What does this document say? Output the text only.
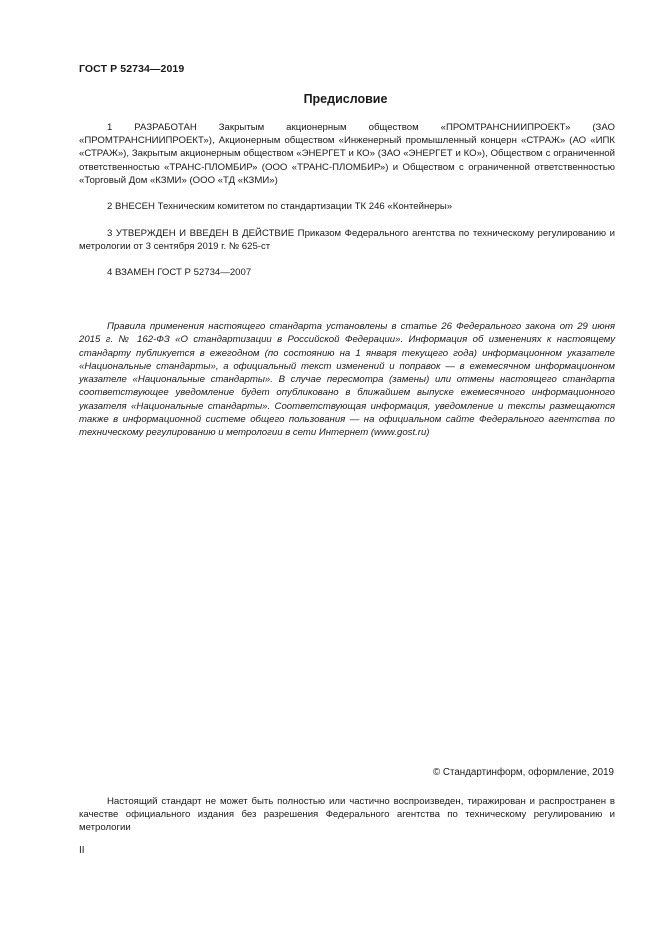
ГОСТ Р 52734—2019
Предисловие

1 РАЗРАБОТАН Закрытым акционерным обществом «ПРОМТРАНСНИИПРОЕКТ» (ЗАО «ПРОМТРАНСНИИПРОЕКТ»), Акционерным обществом «Инженерный промышленный концерн «СТРАЖ» (АО «ИПК «СТРАЖ»), Закрытым акционерным обществом «ЭНЕРГЕТ и КО» (ЗАО «ЭНЕРГЕТ и КО»), Обществом с ограниченной ответственностью «ТРАНС-ПЛОМБИР» (ООО «ТРАНС-ПЛОМБИР») и Обществом с ограниченной ответственностью «Торговый Дом «КЗМИ» (ООО «ТД «КЗМИ»)

2 ВНЕСЕН Техническим комитетом по стандартизации ТК 246 «Контейнеры»

3 УТВЕРЖДЕН И ВВЕДЕН В ДЕЙСТВИЕ Приказом Федерального агентства по техническому регулированию и метрологии от 3 сентября 2019 г. № 625-ст

4 ВЗАМЕН ГОСТ Р 52734—2007

Правила применения настоящего стандарта установлены в статье 26 Федерального закона от 29 июня 2015 г. № 162-ФЗ «О стандартизации в Российской Федерации». Информация об изменениях к настоящему стандарту публикуется в ежегодном (по состоянию на 1 января текущего года) информационном указателе «Национальные стандарты», а официальный текст изменений и поправок — в ежемесячном информационном указателе «Национальные стандарты». В случае пересмотра (замены) или отмены настоящего стандарта соответствующее уведомление будет опубликовано в ближайшем выпуске ежемесячного информационного указателя «Национальные стандарты». Соответствующая информация, уведомление и тексты размещаются также в информационной системе общего пользования — на официальном сайте Федерального агентства по техническому регулированию и метрологии в сети Интернет (www.gost.ru)

© Стандартинформ, оформление, 2019

Настоящий стандарт не может быть полностью или частично воспроизведен, тиражирован и распространен в качестве официального издания без разрешения Федерального агентства по техническому регулированию и метрологии

II
